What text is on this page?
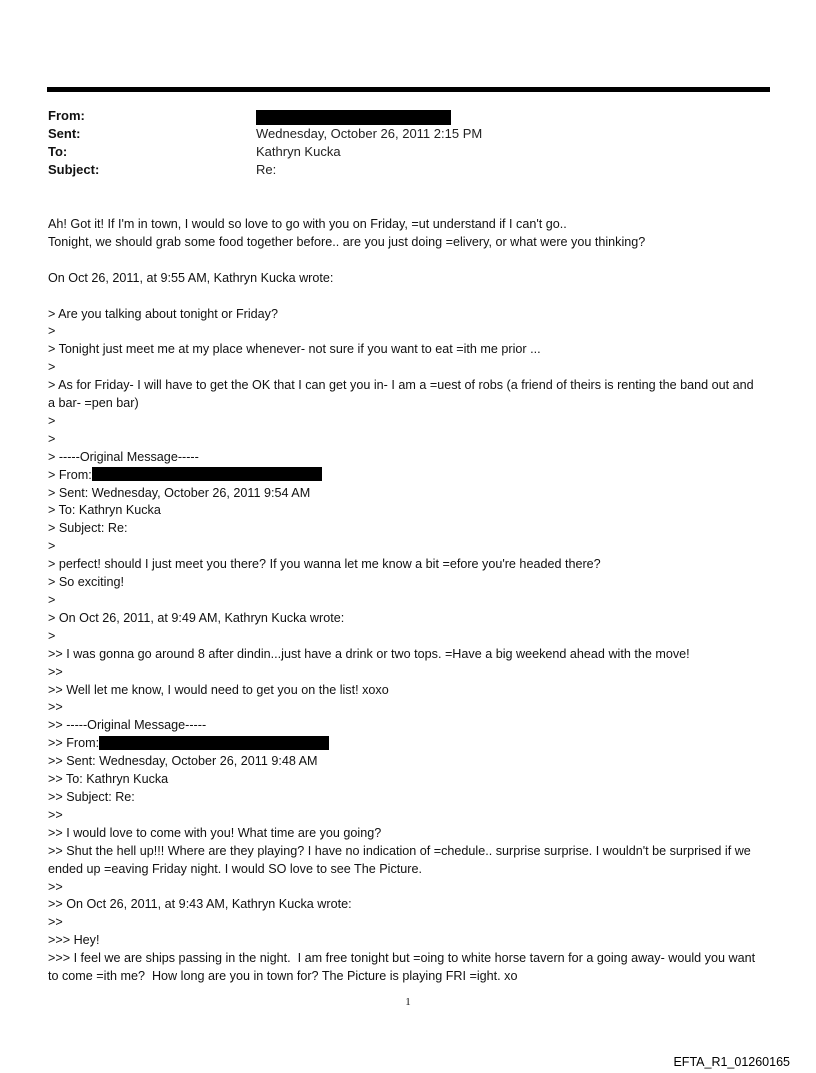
From:
Sent:	Wednesday, October 26, 2011 2:15 PM
To:	Kathryn Kucka
Subject:	Re:
Ah! Got it! If I'm in town, I would so love to go with you on Friday, =ut understand if I can't go..
Tonight, we should grab some food together before.. are you just doing =elivery, or what were you thinking?
On Oct 26, 2011, at 9:55 AM, Kathryn Kucka wrote:
> Are you talking about tonight or Friday?
>
> Tonight just meet me at my place whenever- not sure if you want to eat =ith me prior ...
>
> As for Friday- I will have to get the OK that I can get you in- I am a =uest of robs (a friend of theirs is renting the band out and a bar- =pen bar)
>
>
> -----Original Message-----
> From:
> Sent: Wednesday, October 26, 2011 9:54 AM
> To: Kathryn Kucka
> Subject: Re:
>
> perfect! should I just meet you there? If you wanna let me know a bit =efore you're headed there?
> So exciting!
>
> On Oct 26, 2011, at 9:49 AM, Kathryn Kucka wrote:
>
>> I was gonna go around 8 after dindin...just have a drink or two tops. =Have a big weekend ahead with the move!
>>
>> Well let me know, I would need to get you on the list! xoxo
>>
>> -----Original Message-----
>> From:
>> Sent: Wednesday, October 26, 2011 9:48 AM
>> To: Kathryn Kucka
>> Subject: Re:
>>
>> I would love to come with you! What time are you going?
>> Shut the hell up!!! Where are they playing? I have no indication of =chedule.. surprise surprise. I wouldn't be surprised if we ended up =eaving Friday night. I would SO love to see The Picture.
>>
>> On Oct 26, 2011, at 9:43 AM, Kathryn Kucka wrote:
>>
>>> Hey!
>>> I feel we are ships passing in the night.  I am free tonight but =oing to white horse tavern for a going away- would you want to come =ith me?  How long are you in town for? The Picture is playing FRI =ight. xo
1
EFTA_R1_01260165
